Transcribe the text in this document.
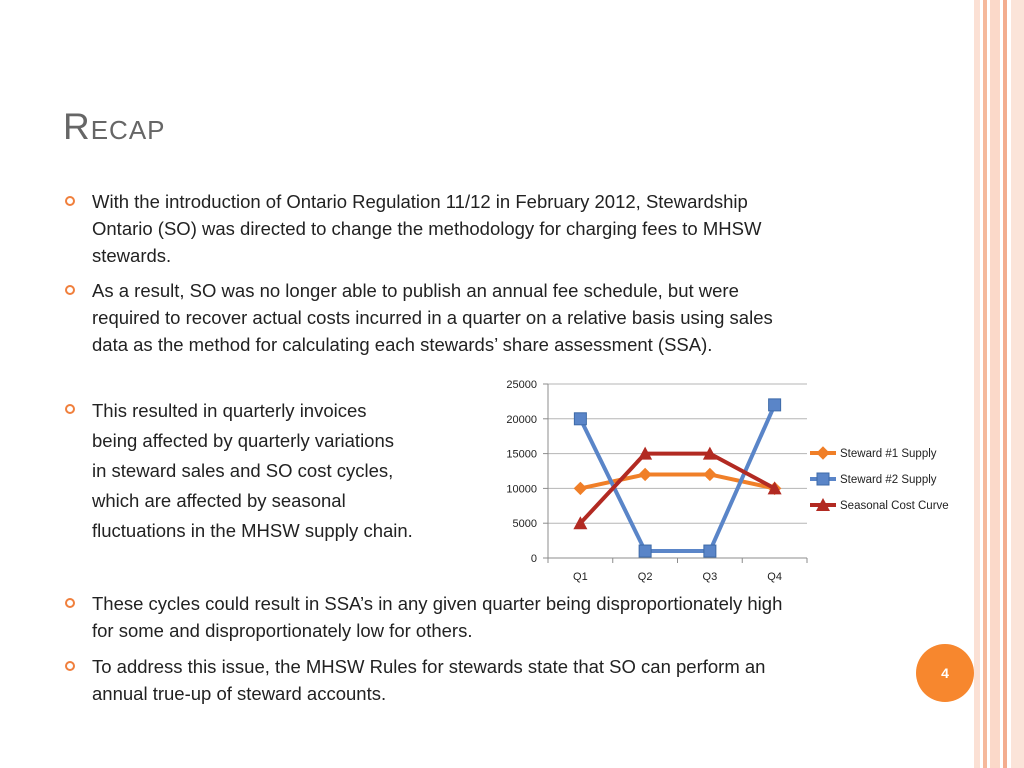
Recap
With the introduction of Ontario Regulation 11/12 in February 2012, Stewardship
Ontario (SO) was directed to change the methodology for charging fees to MHSW
stewards.
As a result, SO was no longer able to publish an annual fee schedule, but were
required to recover actual costs incurred in a quarter on a relative basis using sales
data as the method for calculating each stewards’ share assessment (SSA).
This resulted in quarterly invoices
being affected by quarterly variations
in steward sales and SO cost cycles,
which are affected by seasonal
fluctuations in the MHSW supply chain.
These cycles could result in SSA’s in any given quarter being disproportionately high
for some and disproportionately low for others.
To address this issue, the MHSW Rules for stewards state that SO can perform an
annual true-up of steward accounts.
0
5000
10000
15000
20000
25000
Q1	Q2	Q3	Q4
Steward #1 Supply
Steward #2 Supply
Seasonal Cost Curve
4
